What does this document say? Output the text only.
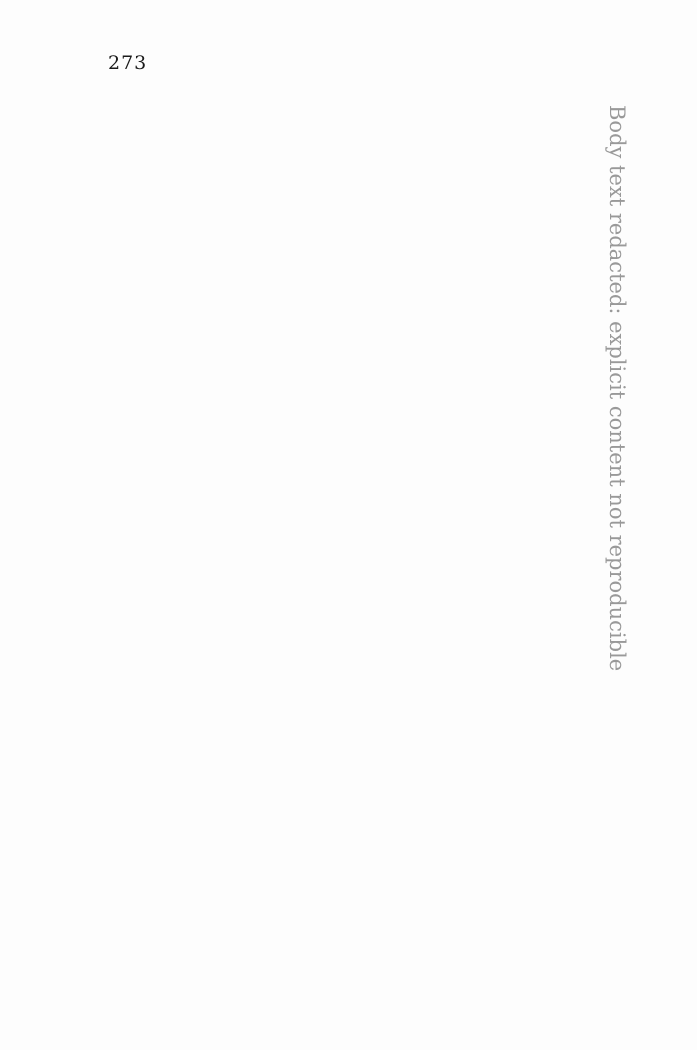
273
Body text redacted: explicit content not reproducible
